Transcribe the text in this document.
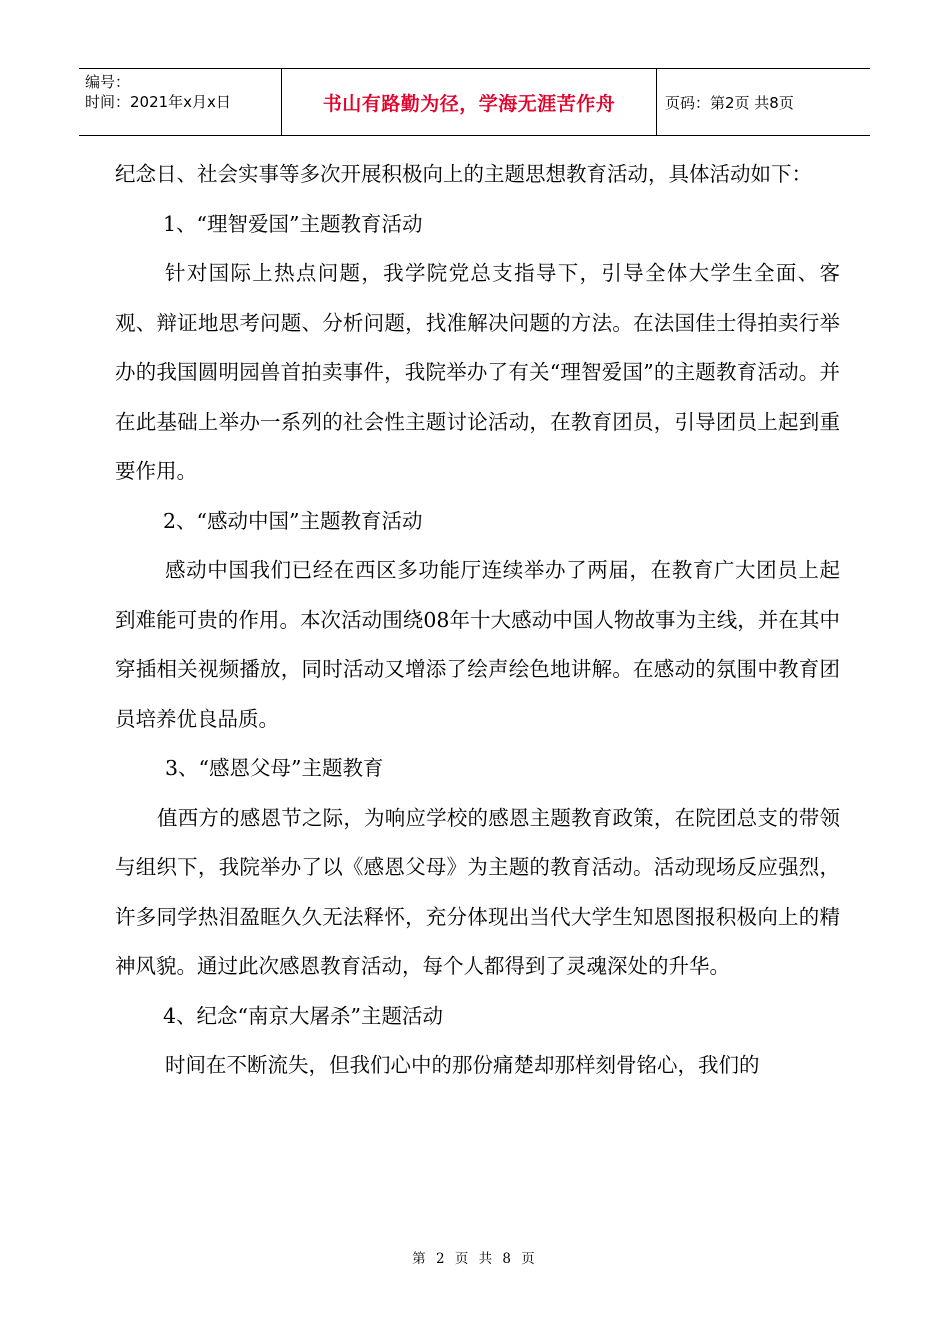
编号：
时间：2021年x月x日	书山有路勤为径，学海无涯苦作舟	页码：第2页 共8页

纪念日、社会实事等多次开展积极向上的主题思想教育活动，具体活动如下：

1、“理智爱国”主题教育活动

针对国际上热点问题，我学院党总支指导下，引导全体大学生全面、客观、辩证地思考问题、分析问题，找准解决问题的方法。在法国佳士得拍卖行举办的我国圆明园兽首拍卖事件，我院举办了有关“理智爱国”的主题教育活动。并在此基础上举办一系列的社会性主题讨论活动，在教育团员，引导团员上起到重要作用。

2、“感动中国”主题教育活动

感动中国我们已经在西区多功能厅连续举办了两届，在教育广大团员上起到难能可贵的作用。本次活动围绕08年十大感动中国人物故事为主线，并在其中穿插相关视频播放，同时活动又增添了绘声绘色地讲解。在感动的氛围中教育团员培养优良品质。

3、“感恩父母”主题教育

值西方的感恩节之际，为响应学校的感恩主题教育政策，在院团总支的带领与组织下，我院举办了以《感恩父母》为主题的教育活动。活动现场反应强烈，许多同学热泪盈眶久久无法释怀，充分体现出当代大学生知恩图报积极向上的精神风貌。通过此次感恩教育活动，每个人都得到了灵魂深处的升华。

4、纪念“南京大屠杀”主题活动

时间在不断流失，但我们心中的那份痛楚却那样刻骨铭心，我们的

第 2 页 共 8 页
